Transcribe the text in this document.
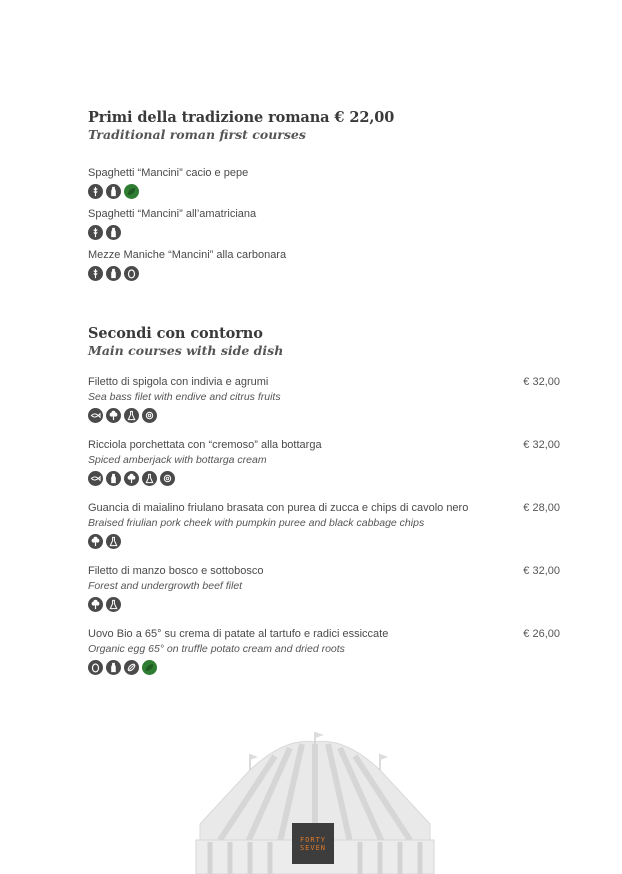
Primi della tradizione romana € 22,00
Traditional roman first courses
Spaghetti “Mancini” cacio e pepe
Spaghetti “Mancini” all’amatriciana
Mezze Maniche “Mancini” alla carbonara
Secondi con contorno
Main courses with side dish
Filetto di spigola con indivia e agrumi
Sea bass filet with endive and citrus fruits
€ 32,00
Ricciola porchettata con “cremoso” alla bottarga
Spiced amberjack with bottarga cream
€ 32,00
Guancia di maialino friulano brasata con purea di zucca e chips di cavolo nero
Braised friulian pork cheek with pumpkin puree and black cabbage chips
€ 28,00
Filetto di manzo bosco e sottobosco
Forest and undergrowth beef filet
€ 32,00
Uovo Bio a 65° su crema di patate al tartufo e radici essiccate
Organic egg 65° on truffle potato cream and dried roots
€ 26,00
FORTY
SEVEN
